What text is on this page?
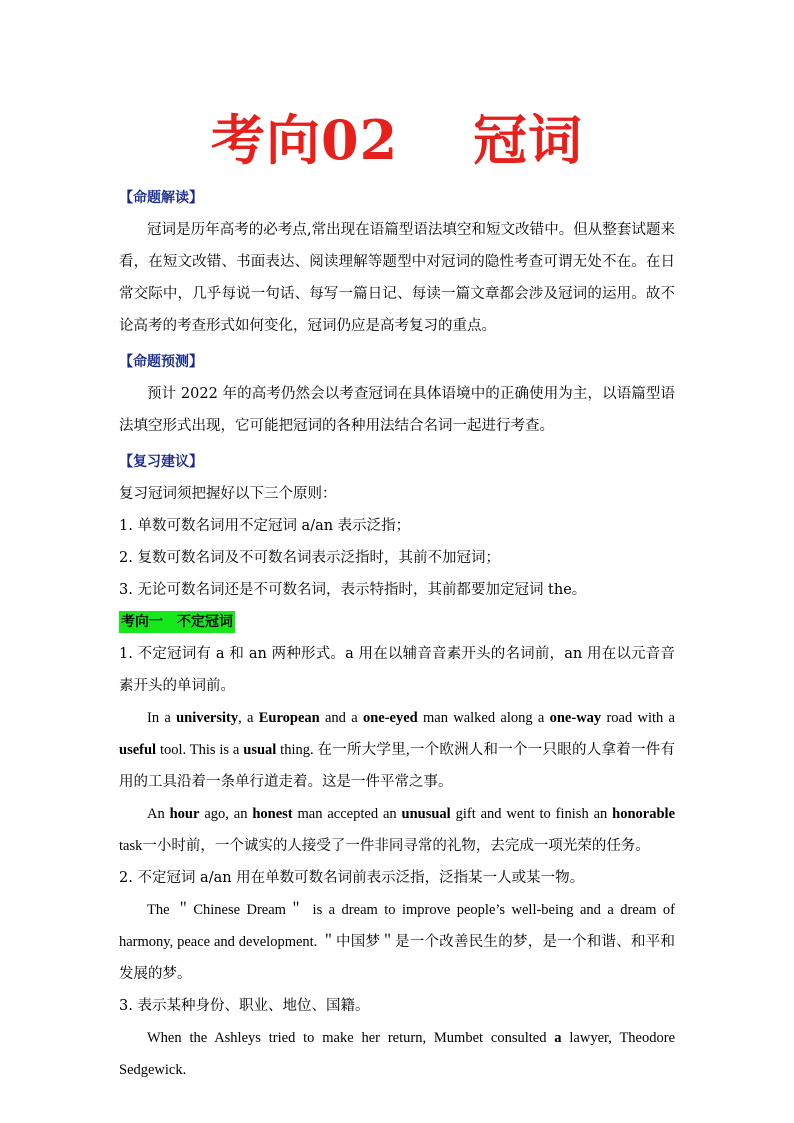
考向02　 冠词
【命题解读】
冠词是历年高考的必考点,常出现在语篇型语法填空和短文改错中。但从整套试题来看，在短文改错、书面表达、阅读理解等题型中对冠词的隐性考查可谓无处不在。在日常交际中，几乎每说一句话、每写一篇日记、每读一篇文章都会涉及冠词的运用。故不论高考的考查形式如何变化，冠词仍应是高考复习的重点。
【命题预测】
预计 2022 年的高考仍然会以考查冠词在具体语境中的正确使用为主，以语篇型语法填空形式出现，它可能把冠词的各种用法结合名词一起进行考查。
【复习建议】
复习冠词须把握好以下三个原则：
1. 单数可数名词用不定冠词 a/an 表示泛指；
2. 复数可数名词及不可数名词表示泛指时，其前不加冠词；
3. 无论可数名词还是不可数名词，表示特指时，其前都要加定冠词 the。
考向一　不定冠词
1. 不定冠词有 a 和 an 两种形式。a 用在以辅音音素开头的名词前，an 用在以元音音素开头的单词前。
In a university, a European and a one-eyed man walked along a one-way road with a useful tool. This is a usual thing. 在一所大学里,一个欧洲人和一个一只眼的人拿着一件有用的工具沿着一条单行道走着。这是一件平常之事。
An hour ago, an honest man accepted an unusual gift and went to finish an honorable task一小时前，一个诚实的人接受了一件非同寻常的礼物，去完成一项光荣的任务。
2. 不定冠词 a/an 用在单数可数名词前表示泛指，泛指某一人或某一物。
The ＂Chinese Dream＂ is a dream to improve people’s well-being and a dream of harmony, peace and development. ＂中国梦＂是一个改善民生的梦，是一个和谐、和平和发展的梦。
3. 表示某种身份、职业、地位、国籍。
When the Ashleys tried to make her return, Mumbet consulted a lawyer, Theodore Sedgewick.
